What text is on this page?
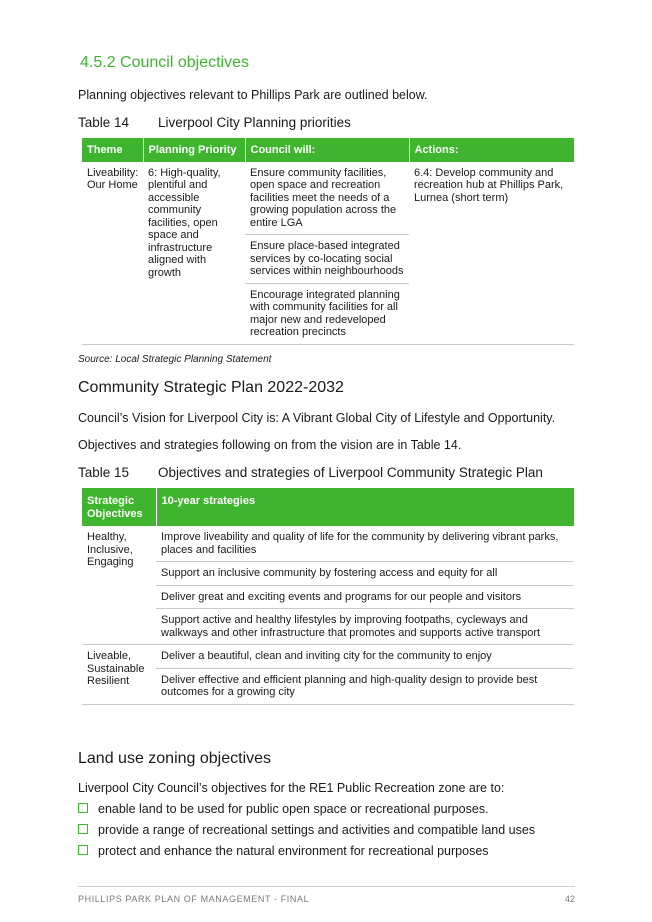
4.5.2 Council objectives

Planning objectives relevant to Phillips Park are outlined below.

Table 14 Liverpool City Planning priorities

Theme	Planning Priority	Council will:	Actions:
Liveability: Our Home	6: High-quality, plentiful and accessible community facilities, open space and infrastructure aligned with growth	Ensure community facilities, open space and recreation facilities meet the needs of a growing population across the entire LGA	6.4: Develop community and recreation hub at Phillips Park, Lurnea (short term)
		Ensure place-based integrated services by co-locating social services within neighbourhoods	
		Encourage integrated planning with community facilities for all major new and redeveloped recreation precincts	

Source: Local Strategic Planning Statement

Community Strategic Plan 2022-2032

Council’s Vision for Liverpool City is: A Vibrant Global City of Lifestyle and Opportunity.

Objectives and strategies following on from the vision are in Table 14.

Table 15 Objectives and strategies of Liverpool Community Strategic Plan

Strategic Objectives	10-year strategies
Healthy, Inclusive, Engaging	Improve liveability and quality of life for the community by delivering vibrant parks, places and facilities
	Support an inclusive community by fostering access and equity for all
	Deliver great and exciting events and programs for our people and visitors
	Support active and healthy lifestyles by improving footpaths, cycleways and walkways and other infrastructure that promotes and supports active transport
Liveable, Sustainable Resilient	Deliver a beautiful, clean and inviting city for the community to enjoy
	Deliver effective and efficient planning and high-quality design to provide best outcomes for a growing city
Land use zoning objectives

Liverpool City Council’s objectives for the RE1 Public Recreation zone are to:

enable land to be used for public open space or recreational purposes.
provide a range of recreational settings and activities and compatible land uses
protect and enhance the natural environment for recreational purposes
PHILLIPS PARK PLAN OF MANAGEMENT - FINAL	42
